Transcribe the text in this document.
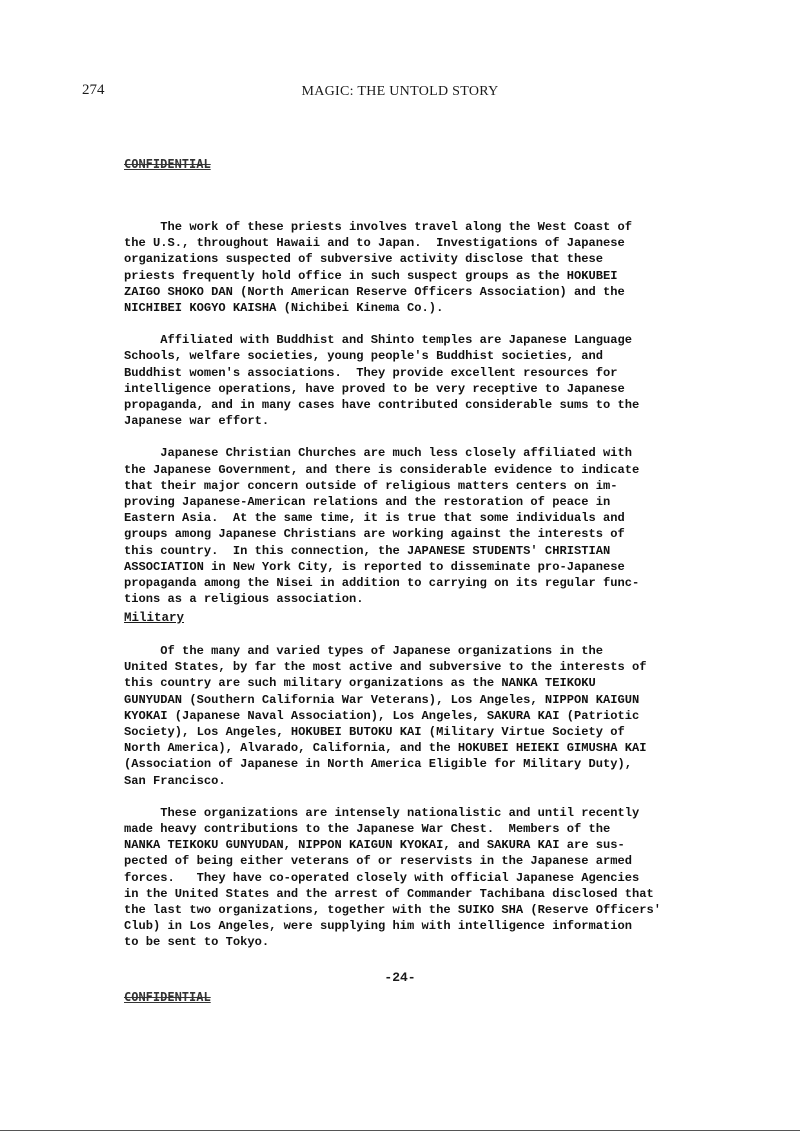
274	MAGIC: THE UNTOLD STORY
CONFIDENTIAL

The work of these priests involves travel along the West Coast of

the U.S., throughout Hawaii and to Japan.  Investigations of Japanese

organizations suspected of subversive activity disclose that these

priests frequently hold office in such suspect groups as the HOKUBEI

ZAIGO SHOKO DAN (North American Reserve Officers Association) and the

NICHIBEI KOGYO KAISHA (Nichibei Kinema Co.).

Affiliated with Buddhist and Shinto temples are Japanese Language

Schools, welfare societies, young people's Buddhist societies, and

Buddhist women's associations.  They provide excellent resources for

intelligence operations, have proved to be very receptive to Japanese

propaganda, and in many cases have contributed considerable sums to the

Japanese war effort.

Japanese Christian Churches are much less closely affiliated with

the Japanese Government, and there is considerable evidence to indicate

that their major concern outside of religious matters centers on im-

proving Japanese-American relations and the restoration of peace in

Eastern Asia.  At the same time, it is true that some individuals and

groups among Japanese Christians are working against the interests of

this country.  In this connection, the JAPANESE STUDENTS' CHRISTIAN

ASSOCIATION in New York City, is reported to disseminate pro-Japanese

propaganda among the Nisei in addition to carrying on its regular func-

tions as a religious association.

Military

Of the many and varied types of Japanese organizations in the

United States, by far the most active and subversive to the interests of

this country are such military organizations as the NANKA TEIKOKU

GUNYUDAN (Southern California War Veterans), Los Angeles, NIPPON KAIGUN

KYOKAI (Japanese Naval Association), Los Angeles, SAKURA KAI (Patriotic

Society), Los Angeles, HOKUBEI BUTOKU KAI (Military Virtue Society of

North America), Alvarado, California, and the HOKUBEI HEIEKI GIMUSHA KAI

(Association of Japanese in North America Eligible for Military Duty),

San Francisco.

These organizations are intensely nationalistic and until recently

made heavy contributions to the Japanese War Chest.  Members of the

NANKA TEIKOKU GUNYUDAN, NIPPON KAIGUN KYOKAI, and SAKURA KAI are sus-

pected of being either veterans of or reservists in the Japanese armed

forces.   They have co-operated closely with official Japanese Agencies

in the United States and the arrest of Commander Tachibana disclosed that

the last two organizations, together with the SUIKO SHA (Reserve Officers'

Club) in Los Angeles, were supplying him with intelligence information

to be sent to Tokyo.

-24-
CONFIDENTIAL
